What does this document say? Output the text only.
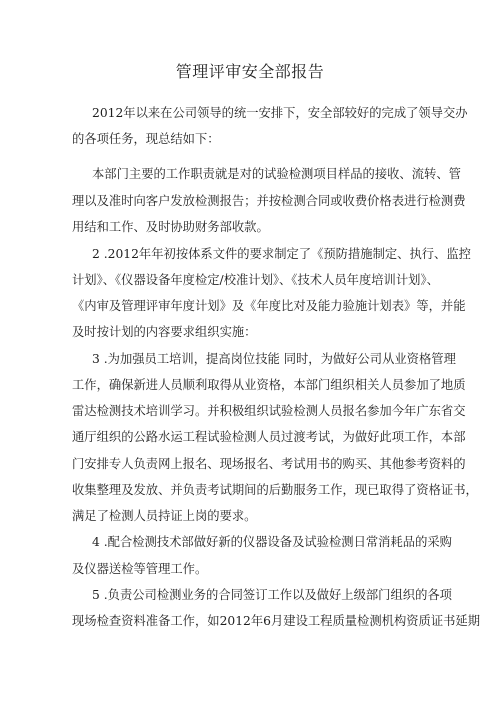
管理评审安全部报告
2012年以来在公司领导的统一安排下，安全部较好的完成了领导交办
的各项任务，现总结如下：
本部门主要的工作职责就是对的试验检测项目样品的接收、流转、管
理以及准时向客户发放检测报告；并按检测合同或收费价格表进行检测费
用结和工作、及时协助财务部收款。
2 .2012年年初按体系文件的要求制定了《预防措施制定、执行、监控
计划》、《仪器设备年度检定/校准计划》、《技术人员年度培训计划》、
《内审及管理评审年度计划》及《年度比对及能力验施计划表》等，并能
及时按计划的内容要求组织实施：
3 .为加强员工培训，提高岗位技能 同时，为做好公司从业资格管理
工作，确保新进人员顺利取得从业资格，本部门组织相关人员参加了地质
雷达检测技术培训学习。并积极组织试验检测人员报名参加今年广东省交
通厅组织的公路水运工程试验检测人员过渡考试，为做好此项工作，本部
门安排专人负责网上报名、现场报名、考试用书的购买、其他参考资料的
收集整理及发放、并负责考试期间的后勤服务工作，现已取得了资格证书，
满足了检测人员持证上岗的要求。
4 .配合检测技术部做好新的仪器设备及试验检测日常消耗品的采购
及仪器送检等管理工作。
5 .负责公司检测业务的合同签订工作以及做好上级部门组织的各项
现场检查资料准备工作，如2012年6月建设工程质量检测机构资质证书延期
